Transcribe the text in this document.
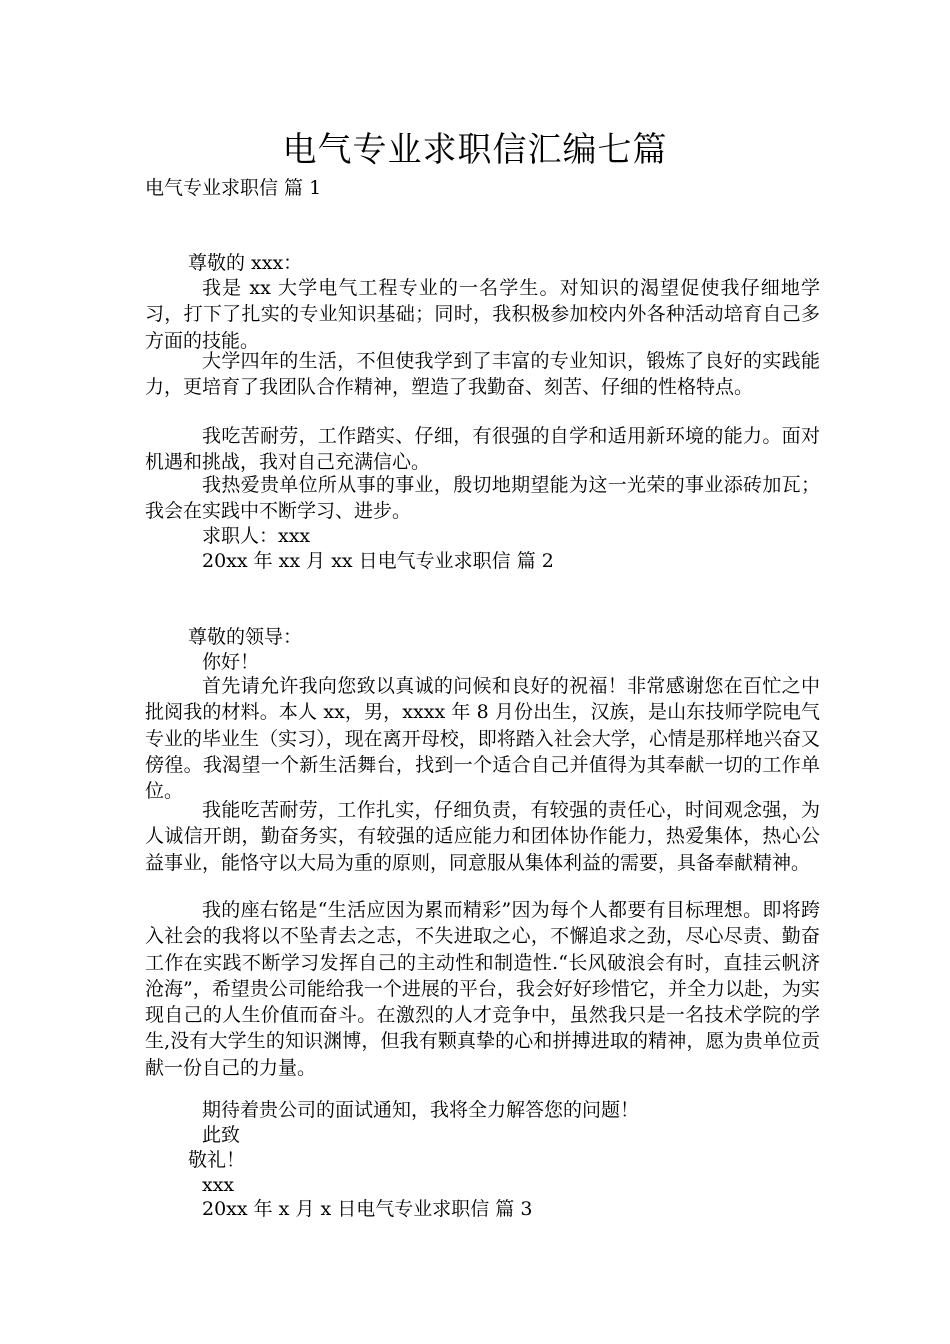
电气专业求职信汇编七篇
电气专业求职信 篇 1
尊敬的 xxx：
我是 xx 大学电气工程专业的一名学生。对知识的渴望促使我仔细地学习，打下了扎实的专业知识基础；同时，我积极参加校内外各种活动培育自己多方面的技能。
大学四年的生活，不但使我学到了丰富的专业知识，锻炼了良好的实践能力，更培育了我团队合作精神，塑造了我勤奋、刻苦、仔细的性格特点。
我吃苦耐劳，工作踏实、仔细，有很强的自学和适用新环境的能力。面对机遇和挑战，我对自己充满信心。
我热爱贵单位所从事的事业，殷切地期望能为这一光荣的事业添砖加瓦；我会在实践中不断学习、进步。
求职人：xxx
20xx 年 xx 月 xx 日电气专业求职信 篇 2
尊敬的领导：
你好！
首先请允许我向您致以真诚的问候和良好的祝福！非常感谢您在百忙之中批阅我的材料。本人 xx，男，xxxx 年 8 月份出生，汉族，是山东技师学院电气专业的毕业生（实习），现在离开母校，即将踏入社会大学，心情是那样地兴奋又傍徨。我渴望一个新生活舞台，找到一个适合自己并值得为其奉献一切的工作单位。
我能吃苦耐劳，工作扎实，仔细负责，有较强的责任心，时间观念强，为人诚信开朗，勤奋务实，有较强的适应能力和团体协作能力，热爱集体，热心公益事业，能恪守以大局为重的原则，同意服从集体利益的需要，具备奉献精神。
我的座右铭是“生活应因为累而精彩”因为每个人都要有目标理想。即将跨入社会的我将以不坠青去之志，不失进取之心，不懈追求之劲，尽心尽责、勤奋工作在实践不断学习发挥自己的主动性和制造性.“长风破浪会有时，直挂云帆济沧海”，希望贵公司能给我一个进展的平台，我会好好珍惜它，并全力以赴，为实现自己的人生价值而奋斗。在激烈的人才竞争中，虽然我只是一名技术学院的学生,没有大学生的知识渊博，但我有颗真挚的心和拼搏进取的精神，愿为贵单位贡献一份自己的力量。
期待着贵公司的面试通知，我将全力解答您的问题！
此致
敬礼！
xxx
20xx 年 x 月 x 日电气专业求职信 篇 3
